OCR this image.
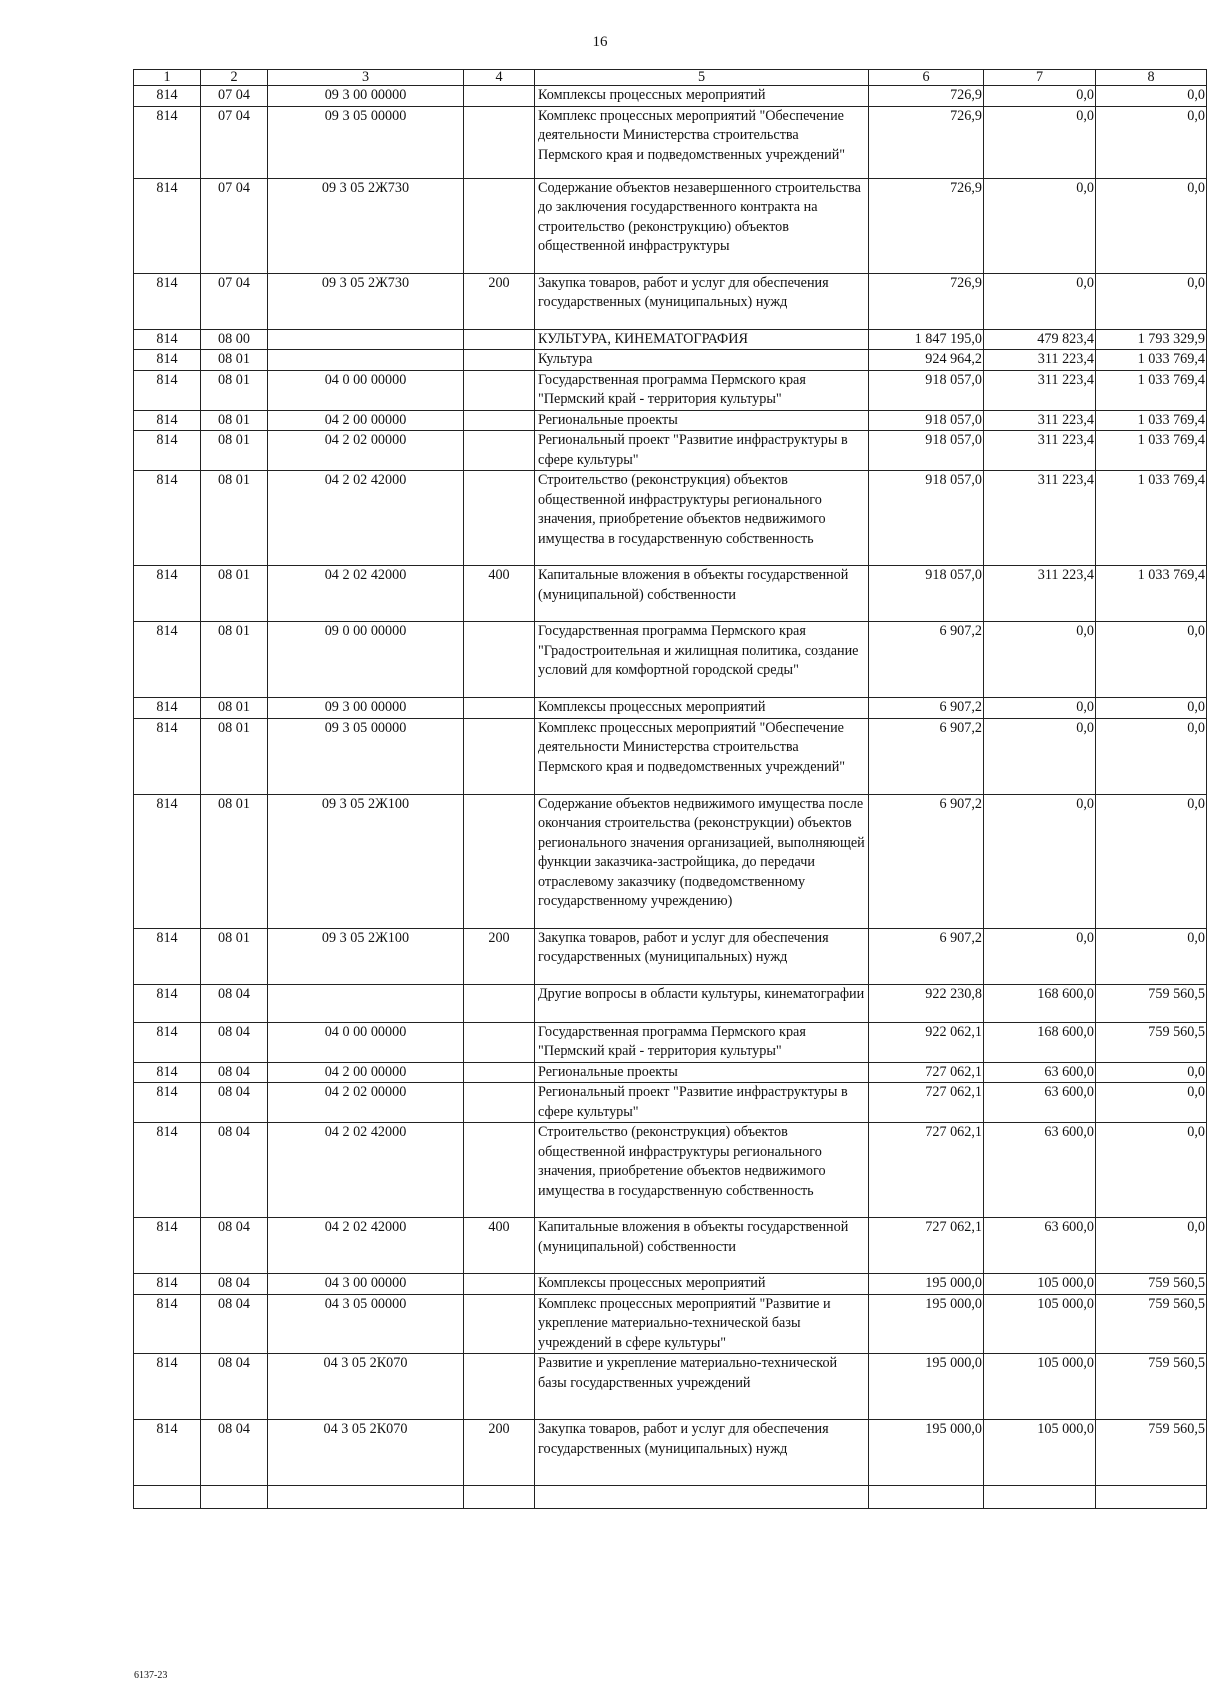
16
1	2	3	4	5	6	7	8
814	07 04	09 3 00 00000		Комплексы процессных мероприятий	726,9	0,0	0,0
814	07 04	09 3 05 00000		Комплекс процессных мероприятий "Обеспечение деятельности Министерства строительства Пермского края и подведомственных учреждений"	726,9	0,0	0,0
814	07 04	09 3 05 2Ж730		Содержание объектов незавершенного строительства до заключения государственного контракта на строительство (реконструкцию) объектов общественной инфраструктуры	726,9	0,0	0,0
814	07 04	09 3 05 2Ж730	200	Закупка товаров, работ и услуг для обеспечения государственных (муниципальных) нужд	726,9	0,0	0,0
814	08 00			КУЛЬТУРА, КИНЕМАТОГРАФИЯ	1 847 195,0	479 823,4	1 793 329,9
814	08 01			Культура	924 964,2	311 223,4	1 033 769,4
814	08 01	04 0 00 00000		Государственная программа Пермского края "Пермский край - территория культуры"	918 057,0	311 223,4	1 033 769,4
814	08 01	04 2 00 00000		Региональные проекты	918 057,0	311 223,4	1 033 769,4
814	08 01	04 2 02 00000		Региональный проект "Развитие инфраструктуры в сфере культуры"	918 057,0	311 223,4	1 033 769,4
814	08 01	04 2 02 42000		Строительство (реконструкция) объектов общественной инфраструктуры регионального значения, приобретение объектов недвижимого имущества в государственную собственность	918 057,0	311 223,4	1 033 769,4
814	08 01	04 2 02 42000	400	Капитальные вложения в объекты государственной (муниципальной) собственности	918 057,0	311 223,4	1 033 769,4
814	08 01	09 0 00 00000		Государственная программа Пермского края "Градостроительная и жилищная политика, создание условий для комфортной городской среды"	6 907,2	0,0	0,0
814	08 01	09 3 00 00000		Комплексы процессных мероприятий	6 907,2	0,0	0,0
814	08 01	09 3 05 00000		Комплекс процессных мероприятий "Обеспечение деятельности Министерства строительства Пермского края и подведомственных учреждений"	6 907,2	0,0	0,0
814	08 01	09 3 05 2Ж100		Содержание объектов недвижимого имущества после окончания строительства (реконструкции) объектов регионального значения организацией, выполняющей функции заказчика-застройщика, до передачи отраслевому заказчику (подведомственному государственному учреждению)	6 907,2	0,0	0,0
814	08 01	09 3 05 2Ж100	200	Закупка товаров, работ и услуг для обеспечения государственных (муниципальных) нужд	6 907,2	0,0	0,0
814	08 04			Другие вопросы в области культуры, кинематографии	922 230,8	168 600,0	759 560,5
814	08 04	04 0 00 00000		Государственная программа Пермского края "Пермский край - территория культуры"	922 062,1	168 600,0	759 560,5
814	08 04	04 2 00 00000		Региональные проекты	727 062,1	63 600,0	0,0
814	08 04	04 2 02 00000		Региональный проект "Развитие инфраструктуры в сфере культуры"	727 062,1	63 600,0	0,0
814	08 04	04 2 02 42000		Строительство (реконструкция) объектов общественной инфраструктуры регионального значения, приобретение объектов недвижимого имущества в государственную собственность	727 062,1	63 600,0	0,0
814	08 04	04 2 02 42000	400	Капитальные вложения в объекты государственной (муниципальной) собственности	727 062,1	63 600,0	0,0
814	08 04	04 3 00 00000		Комплексы процессных мероприятий	195 000,0	105 000,0	759 560,5
814	08 04	04 3 05 00000		Комплекс процессных мероприятий "Развитие и укрепление материально-технической базы учреждений в сфере культуры"	195 000,0	105 000,0	759 560,5
814	08 04	04 3 05 2К070		Развитие и укрепление материально-технической базы государственных учреждений	195 000,0	105 000,0	759 560,5
814	08 04	04 3 05 2К070	200	Закупка товаров, работ и услуг для обеспечения государственных (муниципальных) нужд	195 000,0	105 000,0	759 560,5

6137-23
